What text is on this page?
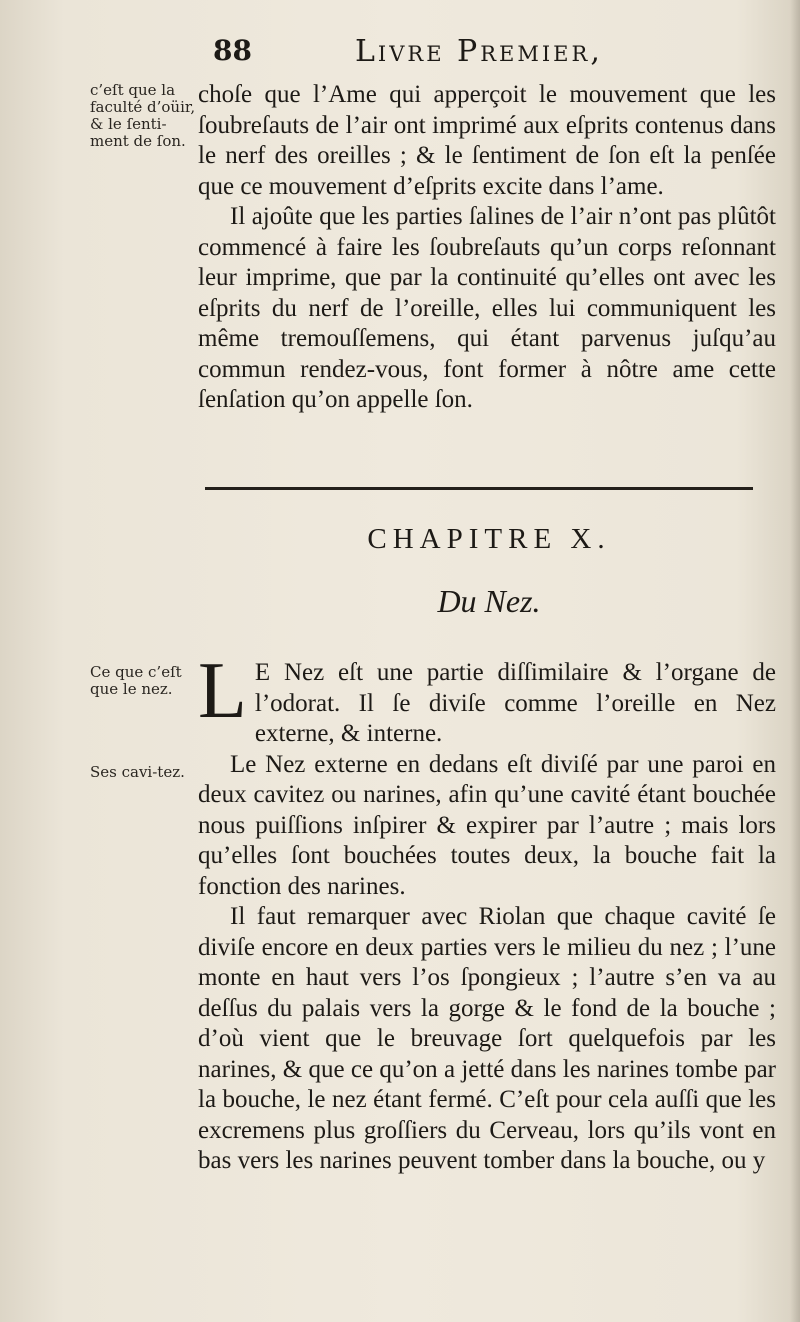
88	Livre Premier,
c’eſt que la faculté d’oüir, & le ſenti-ment de ſon.

choſe que l’Ame qui apperçoit le mouvement que les ſoubreſauts de l’air ont imprimé aux eſprits contenus dans le nerf des oreilles ; & le ſentiment de ſon eſt la penſée que ce mouvement d’eſprits excite dans l’ame.

Il ajoûte que les parties ſalines de l’air n’ont pas plûtôt commencé à faire les ſoubreſauts qu’un corps reſonnant leur imprime, que par la continuité qu’elles ont avec les eſprits du nerf de l’oreille, elles lui communiquent les même tremouſſemens, qui étant parvenus juſqu’au commun rendez-vous, font former à nôtre ame cette ſenſation qu’on appelle ſon.

CHAPITRE X.
Du Nez.
Ce que c’eſt que le nez.
Ses cavi-tez.

L E Nez eſt une partie diſſimilaire & l’organe de l’odorat. Il ſe diviſe comme l’oreille en Nez externe, & interne.

Le Nez externe en dedans eſt diviſé par une paroi en deux cavitez ou narines, afin qu’une cavité étant bouchée nous puiſſions inſpirer & expirer par l’autre ; mais lors qu’elles ſont bouchées toutes deux, la bouche fait la fonction des narines.

Il faut remarquer avec Riolan que chaque cavité ſe diviſe encore en deux parties vers le milieu du nez ; l’une monte en haut vers l’os ſpongieux ; l’autre s’en va au deſſus du palais vers la gorge & le fond de la bouche ; d’où vient que le breuvage ſort quelquefois par les narines, & que ce qu’on a jetté dans les narines tombe par la bouche, le nez étant fermé. C’eſt pour cela auſſi que les excremens plus groſſiers du Cerveau, lors qu’ils vont en bas vers les narines peuvent tomber dans la bouche, ou y
